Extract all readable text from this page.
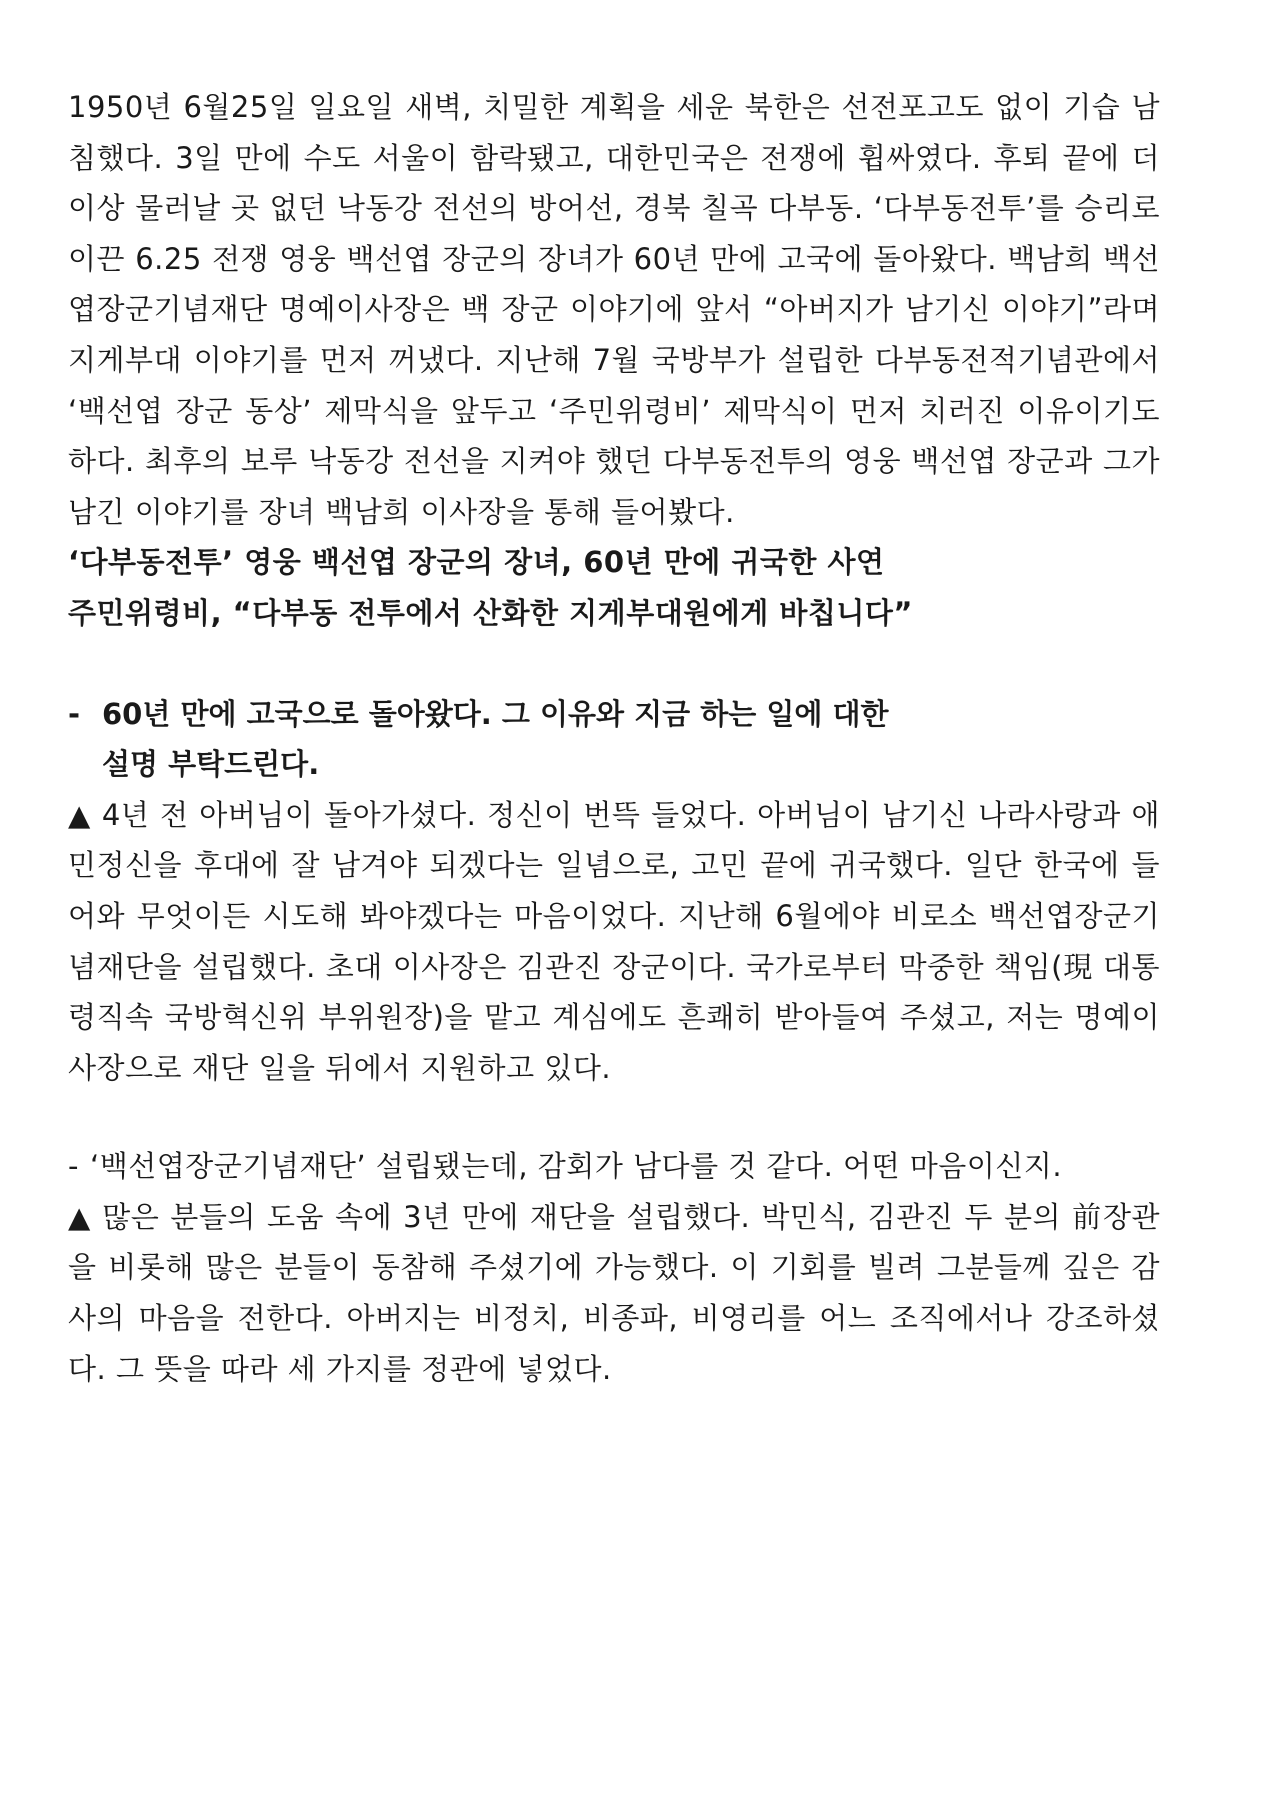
1950년 6월25일 일요일 새벽, 치밀한 계획을 세운 북한은 선전포고도 없이 기습 남침했다. 3일 만에 수도 서울이 함락됐고, 대한민국은 전쟁에 휩싸였다. 후퇴 끝에 더 이상 물러날 곳 없던 낙동강 전선의 방어선, 경북 칠곡 다부동. ‘다부동전투’를 승리로 이끈 6.25 전쟁 영웅 백선엽 장군의 장녀가 60년 만에 고국에 돌아왔다. 백남희 백선엽장군기념재단 명예이사장은 백 장군 이야기에 앞서 “아버지가 남기신 이야기”라며 지게부대 이야기를 먼저 꺼냈다. 지난해 7월 국방부가 설립한 다부동전적기념관에서 ‘백선엽 장군 동상’ 제막식을 앞두고 ‘주민위령비’ 제막식이 먼저 치러진 이유이기도 하다. 최후의 보루 낙동강 전선을 지켜야 했던 다부동전투의 영웅 백선엽 장군과 그가 남긴 이야기를 장녀 백남희 이사장을 통해 들어봤다.

‘다부동전투’ 영웅 백선엽 장군의 장녀, 60년 만에 귀국한 사연

주민위령비, “다부동 전투에서 산화한 지게부대원에게 바칩니다”

- 60년 만에 고국으로 돌아왔다. 그 이유와 지금 하는 일에 대한
설명 부탁드린다.

▲ 4년 전 아버님이 돌아가셨다. 정신이 번뜩 들었다. 아버님이 남기신 나라사랑과 애민정신을 후대에 잘 남겨야 되겠다는 일념으로, 고민 끝에 귀국했다. 일단 한국에 들어와 무엇이든 시도해 봐야겠다는 마음이었다. 지난해 6월에야 비로소 백선엽장군기념재단을 설립했다. 초대 이사장은 김관진 장군이다. 국가로부터 막중한 책임(現 대통령직속 국방혁신위 부위원장)을 맡고 계심에도 흔쾌히 받아들여 주셨고, 저는 명예이사장으로 재단 일을 뒤에서 지원하고 있다.

- ‘백선엽장군기념재단’ 설립됐는데, 감회가 남다를 것 같다. 어떤 마음이신지.

▲ 많은 분들의 도움 속에 3년 만에 재단을 설립했다. 박민식, 김관진 두 분의 前장관을 비롯해 많은 분들이 동참해 주셨기에 가능했다. 이 기회를 빌려 그분들께 깊은 감사의 마음을 전한다. 아버지는 비정치, 비종파, 비영리를 어느 조직에서나 강조하셨다. 그 뜻을 따라 세 가지를 정관에 넣었다.
